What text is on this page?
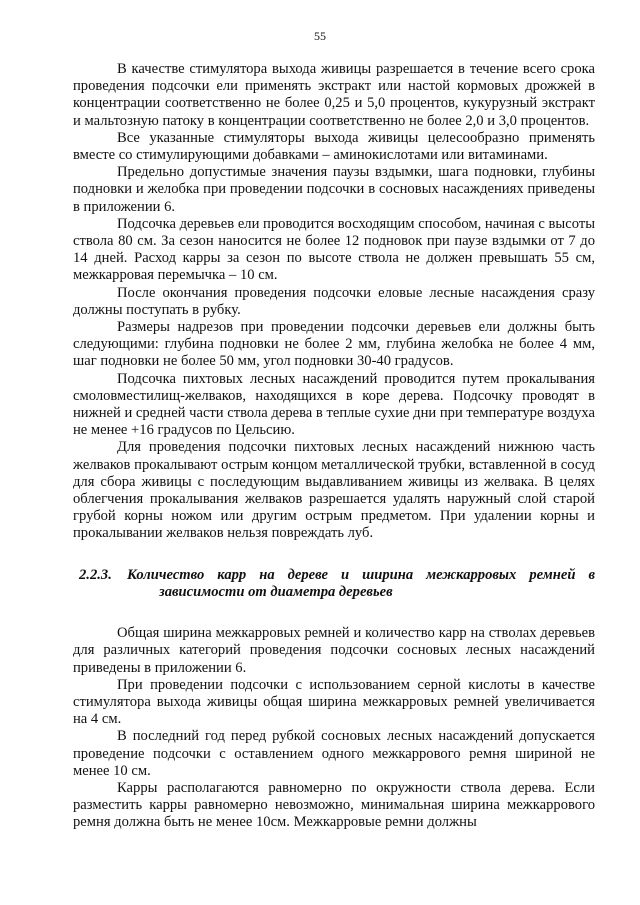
55

В качестве стимулятора выхода живицы разрешается в течение всего срока проведения подсочки ели применять экстракт или настой кормовых дрожжей в концентрации соответственно не более 0,25 и 5,0 процентов, кукурузный экстракт и мальтозную патоку в концентрации соответственно не более 2,0 и 3,0 процентов.

Все указанные стимуляторы выхода живицы целесообразно применять вместе со стимулирующими добавками – аминокислотами или витаминами.

Предельно допустимые значения паузы вздымки, шага подновки, глубины подновки и желобка при проведении подсочки в сосновых насаждениях приведены в приложении 6.

Подсочка деревьев ели проводится восходящим способом, начиная с высоты ствола 80 см. За сезон наносится не более 12 подновок при паузе вздымки от 7 до 14 дней. Расход карры за сезон по высоте ствола не должен превышать 55 см, межкарровая перемычка – 10 см.

После окончания проведения подсочки еловые лесные насаждения сразу должны поступать в рубку.

Размеры надрезов при проведении подсочки деревьев ели должны быть следующими: глубина подновки не более 2 мм, глубина желобка не более 4 мм, шаг подновки не более 50 мм, угол подновки 30-40 градусов.

Подсочка пихтовых лесных насаждений проводится путем прокалывания смоловместилищ-желваков, находящихся в коре дерева. Подсочку проводят в нижней и средней части ствола дерева в теплые сухие дни при температуре воздуха не менее +16 градусов по Цельсию.

Для проведения подсочки пихтовых лесных насаждений нижнюю часть желваков прокалывают острым концом металлической трубки, вставленной в сосуд для сбора живицы с последующим выдавливанием живицы из желвака. В целях облегчения прокалывания желваков разрешается удалять наружный слой старой грубой корны ножом или другим острым предметом. При удалении корны и прокалывании желваков нельзя повреждать луб.

2.2.3. Количество карр на дереве и ширина межкарровых ремней в зависимости от диаметра деревьев

Общая ширина межкарровых ремней и количество карр на стволах деревьев для различных категорий проведения подсочки сосновых лесных насаждений приведены в приложении 6.

При проведении подсочки с использованием серной кислоты в качестве стимулятора выхода живицы общая ширина межкарровых ремней увеличивается на 4 см.

В последний год перед рубкой сосновых лесных насаждений допускается проведение подсочки с оставлением одного межкаррового ремня шириной не менее 10 см.

Карры располагаются равномерно по окружности ствола дерева. Если разместить карры равномерно невозможно, минимальная ширина межкаррового ремня должна быть не менее 10см. Межкарровые ремни должны
